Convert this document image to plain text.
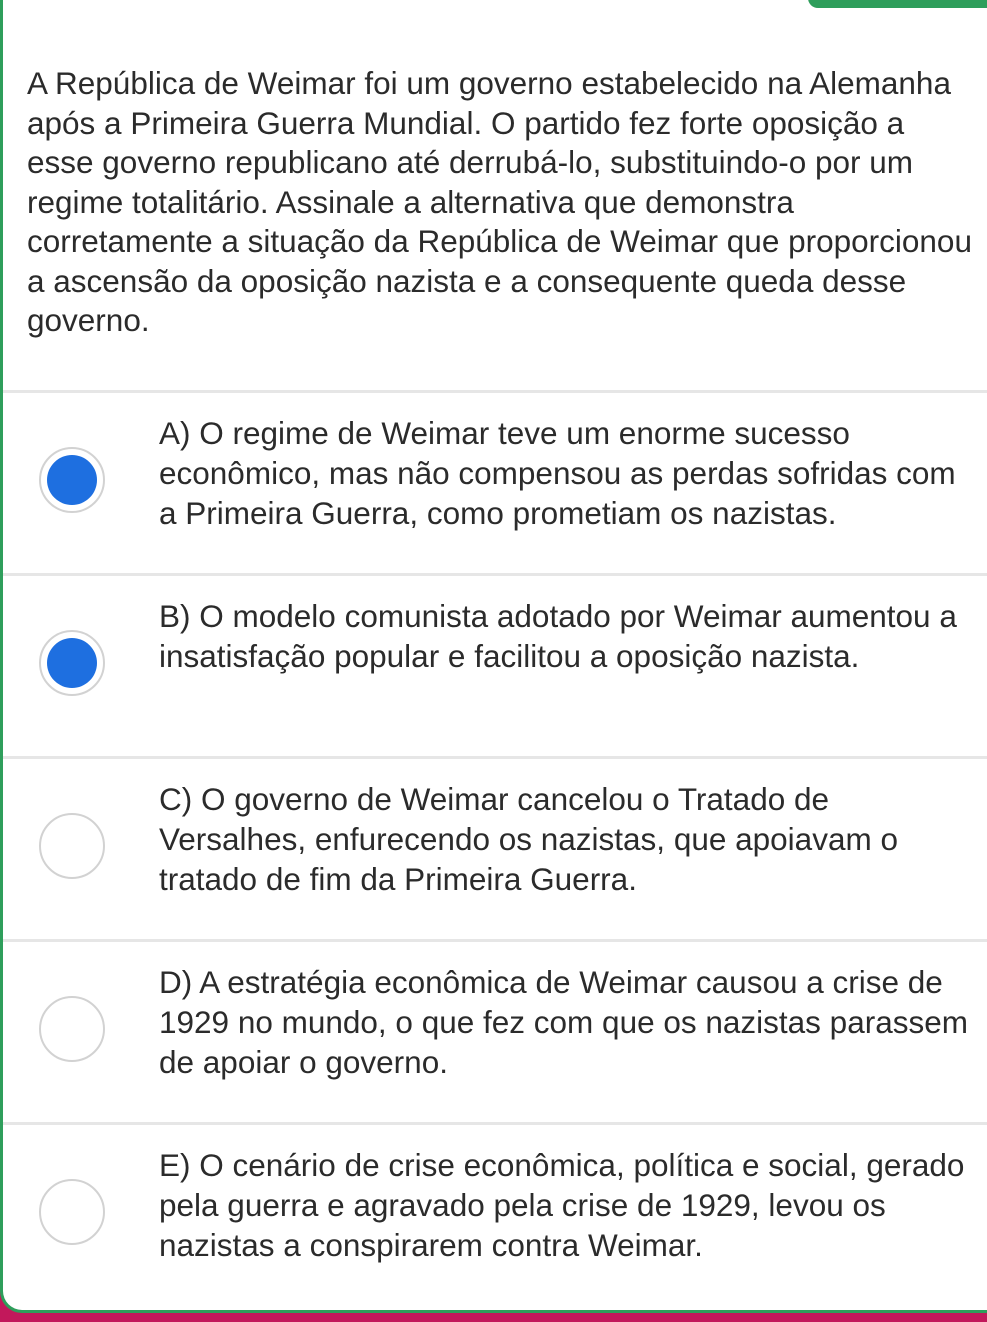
A República de Weimar foi um governo estabelecido na Alemanha após a Primeira Guerra Mundial. O partido fez forte oposição a esse governo republicano até derrubá-lo, substituindo-o por um regime totalitário. Assinale a alternativa que demonstra corretamente a situação da República de Weimar que proporcionou a ascensão da oposição nazista e a consequente queda desse governo.

A) O regime de Weimar teve um enorme sucesso econômico, mas não compensou as perdas sofridas com a Primeira Guerra, como prometiam os nazistas.

B) O modelo comunista adotado por Weimar aumentou a insatisfação popular e facilitou a oposição nazista.

C) O governo de Weimar cancelou o Tratado de Versalhes, enfurecendo os nazistas, que apoiavam o tratado de fim da Primeira Guerra.

D) A estratégia econômica de Weimar causou a crise de 1929 no mundo, o que fez com que os nazistas parassem de apoiar o governo.

E) O cenário de crise econômica, política e social, gerado pela guerra e agravado pela crise de 1929, levou os nazistas a conspirarem contra Weimar.
